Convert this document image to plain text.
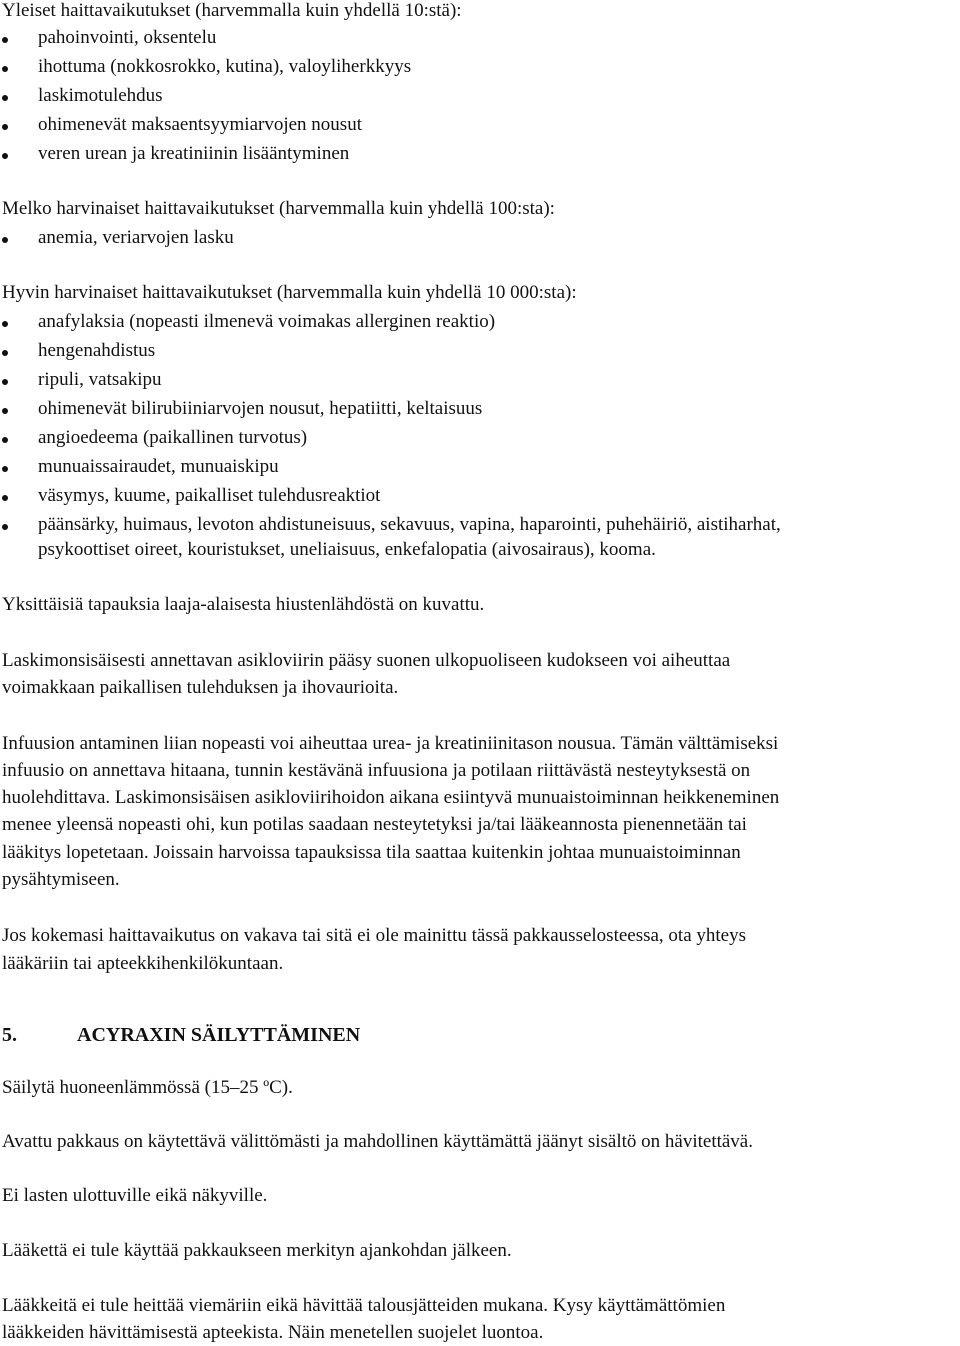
Yleiset haittavaikutukset (harvemmalla kuin yhdellä 10:stä):
pahoinvointi, oksentelu
ihottuma (nokkosrokko, kutina), valoyliherkkyys
laskimotulehdus
ohimenevät maksaentsyymiarvojen nousut
veren urean ja kreatiniinin lisääntyminen
Melko harvinaiset haittavaikutukset (harvemmalla kuin yhdellä 100:sta):
anemia, veriarvojen lasku
Hyvin harvinaiset haittavaikutukset (harvemmalla kuin yhdellä 10 000:sta):
anafylaksia (nopeasti ilmenevä voimakas allerginen reaktio)
hengenahdistus
ripuli, vatsakipu
ohimenevät bilirubiiniarvojen nousut, hepatiitti, keltaisuus
angioedeema (paikallinen turvotus)
munuaissairaudet, munuaiskipu
väsymys, kuume, paikalliset tulehdusreaktiot
päänsärky, huimaus, levoton ahdistuneisuus, sekavuus, vapina, haparointi, puhehäiriö, aistiharhat,
psykoottiset oireet, kouristukset, uneliaisuus, enkefalopatia (aivosairaus), kooma.
Yksittäisiä tapauksia laaja-alaisesta hiustenlähdöstä on kuvattu.
Laskimonsisäisesti annettavan asikloviirin pääsy suonen ulkopuoliseen kudokseen voi aiheuttaa
voimakkaan paikallisen tulehduksen ja ihovaurioita.
Infuusion antaminen liian nopeasti voi aiheuttaa urea- ja kreatiniinitason nousua. Tämän välttämiseksi
infuusio on annettava hitaana, tunnin kestävänä infuusiona ja potilaan riittävästä nesteytyksestä on
huolehdittava. Laskimonsisäisen asikloviirihoidon aikana esiintyvä munuaistoiminnan heikkeneminen
menee yleensä nopeasti ohi, kun potilas saadaan nesteytetyksi ja/tai lääkeannosta pienennetään tai
lääkitys lopetetaan. Joissain harvoissa tapauksissa tila saattaa kuitenkin johtaa munuaistoiminnan
pysähtymiseen.
Jos kokemasi haittavaikutus on vakava tai sitä ei ole mainittu tässä pakkausselosteessa, ota yhteys
lääkäriin tai apteekkihenkilökuntaan.
5.	ACYRAXIN SÄILYTTÄMINEN
Säilytä huoneenlämmössä (15–25 ºC).
Avattu pakkaus on käytettävä välittömästi ja mahdollinen käyttämättä jäänyt sisältö on hävitettävä.
Ei lasten ulottuville eikä näkyville.
Lääkettä ei tule käyttää pakkaukseen merkityn ajankohdan jälkeen.
Lääkkeitä ei tule heittää viemäriin eikä hävittää talousjätteiden mukana. Kysy käyttämättömien
lääkkeiden hävittämisestä apteekista. Näin menetellen suojelet luontoa.
